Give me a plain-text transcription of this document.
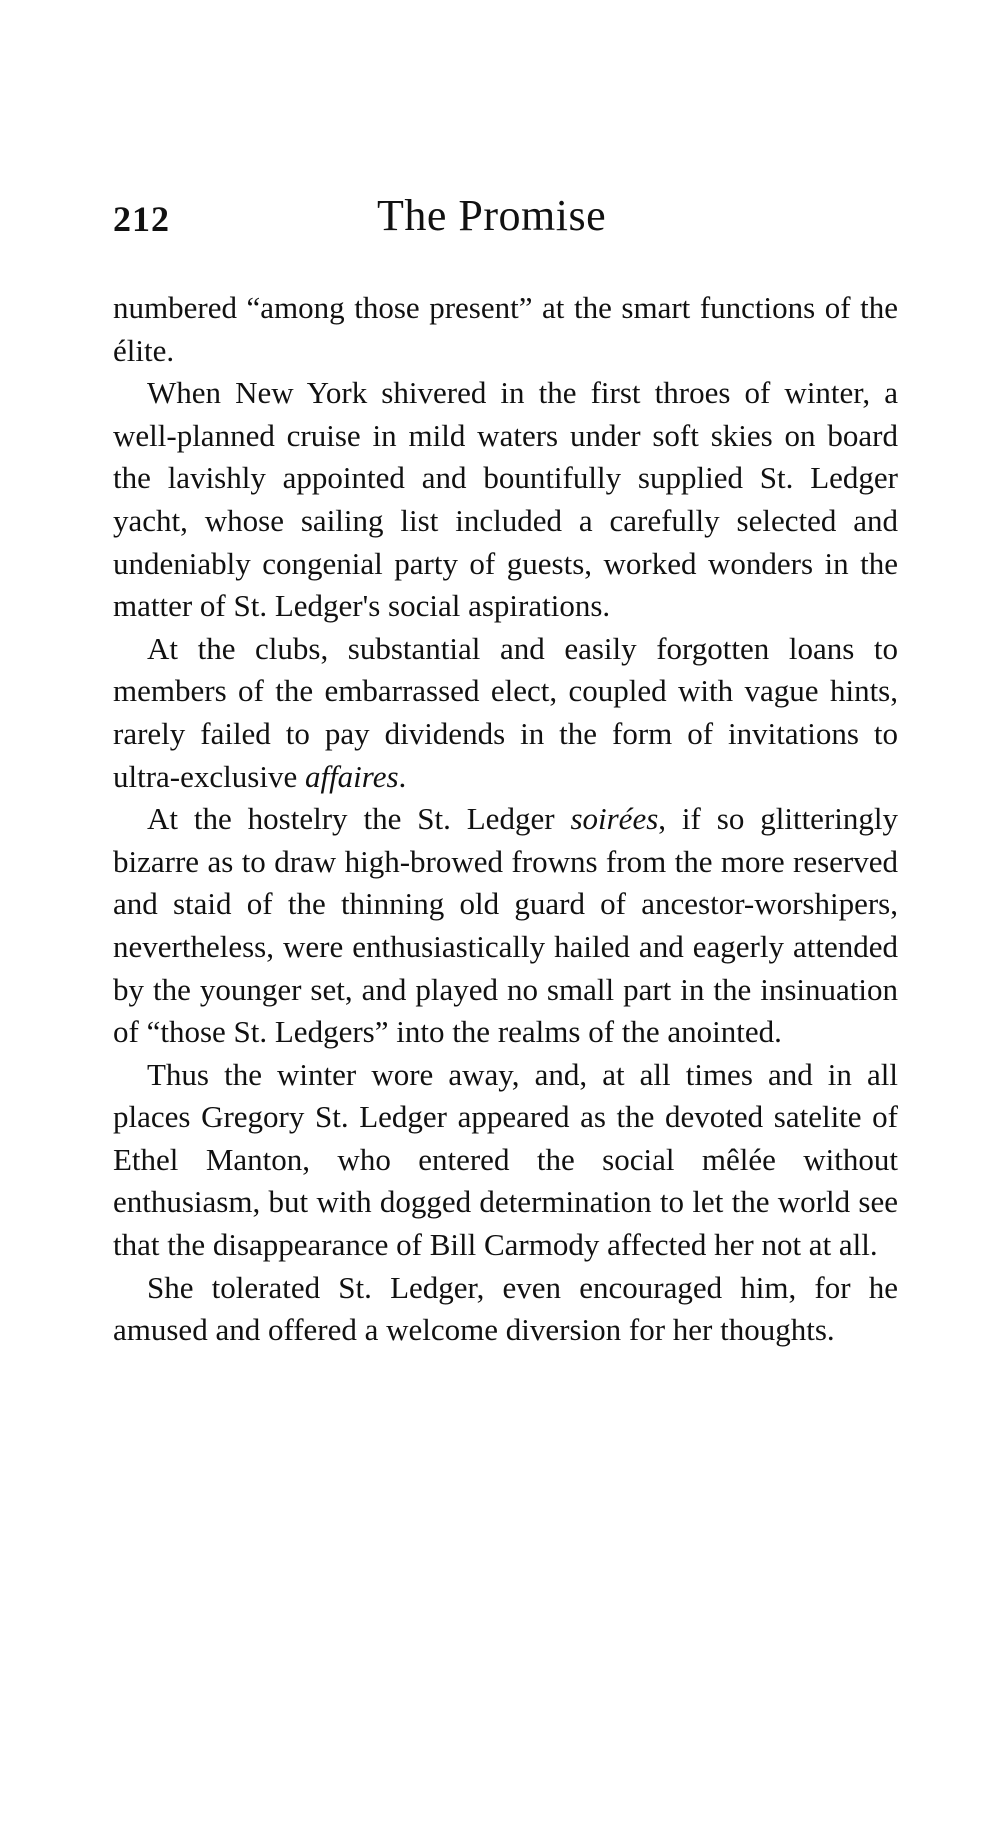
212	The Promise

numbered “among those present” at the smart functions of the élite.

When New York shivered in the first throes of winter, a well-planned cruise in mild waters under soft skies on board the lavishly appointed and bountifully supplied St. Ledger yacht, whose sailing list included a carefully selected and undeniably congenial party of guests, worked wonders in the matter of St. Ledger's social aspirations.

At the clubs, substantial and easily forgotten loans to members of the embarrassed elect, coupled with vague hints, rarely failed to pay dividends in the form of invitations to ultra-exclusive affaires.

At the hostelry the St. Ledger soirées, if so glitteringly bizarre as to draw high-browed frowns from the more reserved and staid of the thinning old guard of ancestor-worshipers, nevertheless, were enthusiastically hailed and eagerly attended by the younger set, and played no small part in the insinuation of “those St. Ledgers” into the realms of the anointed.

Thus the winter wore away, and, at all times and in all places Gregory St. Ledger appeared as the devoted satelite of Ethel Manton, who entered the social mêlée without enthusiasm, but with dogged determination to let the world see that the disappearance of Bill Carmody affected her not at all.

She tolerated St. Ledger, even encouraged him, for he amused and offered a welcome diversion for her thoughts.
